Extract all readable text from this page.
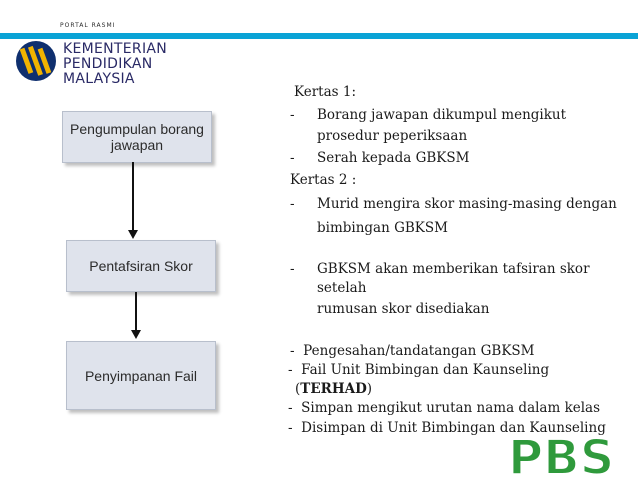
PORTAL RASMI
KEMENTERIAN
PENDIDIKAN
MALAYSIA
Pengumpulan borang jawapan
Pentafsiran Skor
Penyimpanan Fail
Kertas 1:
- Borang jawapan dikumpul mengikut
prosedur peperiksaan
- Serah kepada GBKSM
Kertas 2 :
- Murid mengira skor masing-masing dengan
bimbingan GBKSM
- GBKSM akan memberikan tafsiran skor
setelah
rumusan skor disediakan
- Pengesahan/tandatangan GBKSM
- Fail Unit Bimbingan dan Kaunseling
(TERHAD)
- Simpan mengikut urutan nama dalam kelas
- Disimpan di Unit Bimbingan dan Kaunseling
PBS
